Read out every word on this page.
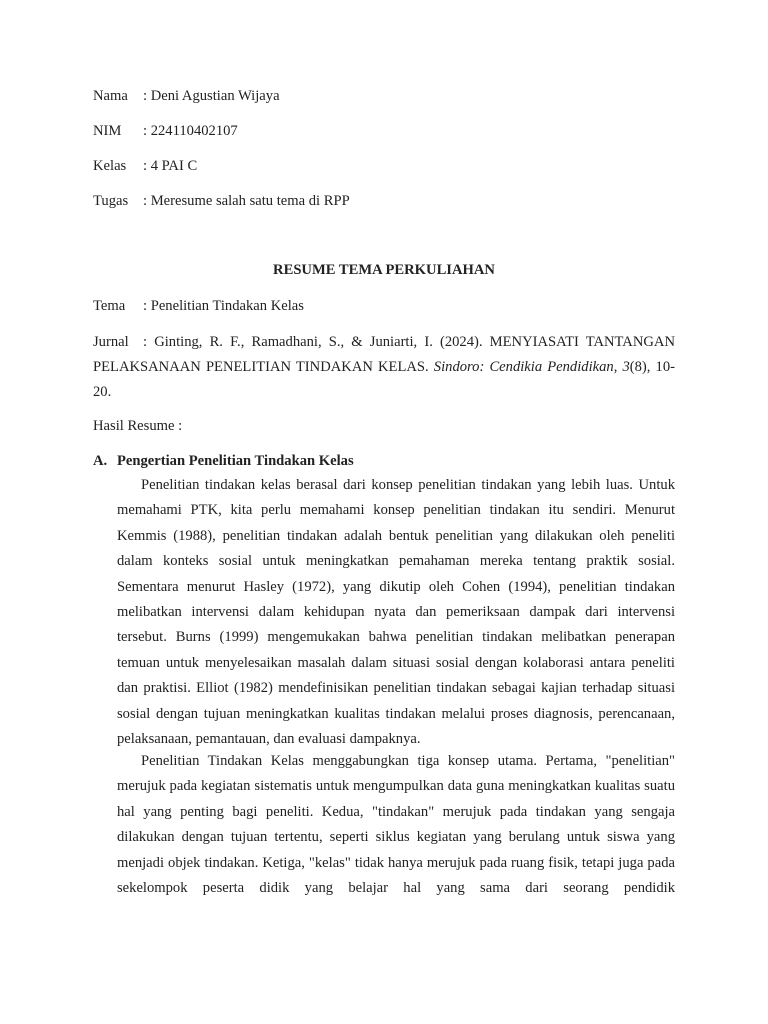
Nama : Deni Agustian Wijaya
NIM : 224110402107
Kelas : 4 PAI C
Tugas : Meresume salah satu tema di RPP
RESUME TEMA PERKULIAHAN
Tema : Penelitian Tindakan Kelas
Jurnal : Ginting, R. F., Ramadhani, S., & Juniarti, I. (2024). MENYIASATI TANTANGAN PELAKSANAAN PENELITIAN TINDAKAN KELAS. Sindoro: Cendikia Pendidikan, 3(8), 10-20.
Hasil Resume :
A. Pengertian Penelitian Tindakan Kelas

Penelitian tindakan kelas berasal dari konsep penelitian tindakan yang lebih luas. Untuk memahami PTK, kita perlu memahami konsep penelitian tindakan itu sendiri. Menurut Kemmis (1988), penelitian tindakan adalah bentuk penelitian yang dilakukan oleh peneliti dalam konteks sosial untuk meningkatkan pemahaman mereka tentang praktik sosial. Sementara menurut Hasley (1972), yang dikutip oleh Cohen (1994), penelitian tindakan melibatkan intervensi dalam kehidupan nyata dan pemeriksaan dampak dari intervensi tersebut. Burns (1999) mengemukakan bahwa penelitian tindakan melibatkan penerapan temuan untuk menyelesaikan masalah dalam situasi sosial dengan kolaborasi antara peneliti dan praktisi. Elliot (1982) mendefinisikan penelitian tindakan sebagai kajian terhadap situasi sosial dengan tujuan meningkatkan kualitas tindakan melalui proses diagnosis, perencanaan, pelaksanaan, pemantauan, dan evaluasi dampaknya.

Penelitian Tindakan Kelas menggabungkan tiga konsep utama. Pertama, "penelitian" merujuk pada kegiatan sistematis untuk mengumpulkan data guna meningkatkan kualitas suatu hal yang penting bagi peneliti. Kedua, "tindakan" merujuk pada tindakan yang sengaja dilakukan dengan tujuan tertentu, seperti siklus kegiatan yang berulang untuk siswa yang menjadi objek tindakan. Ketiga, "kelas" tidak hanya merujuk pada ruang fisik, tetapi juga pada sekelompok peserta didik yang belajar hal yang sama dari seorang pendidik
